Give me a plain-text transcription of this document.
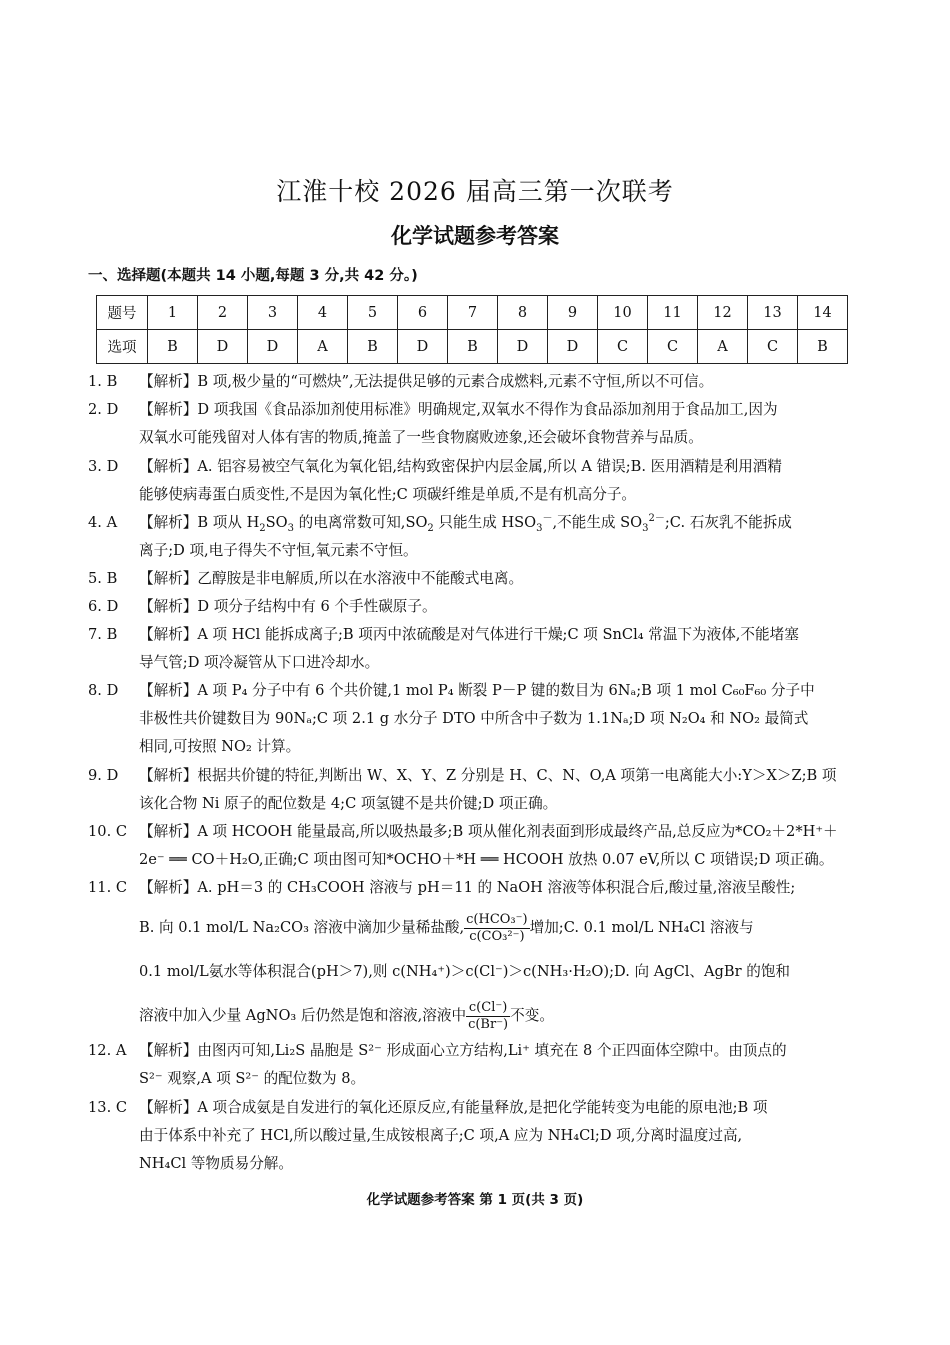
江淮十校 2026 届高三第一次联考
化学试题参考答案
一、选择题(本题共 14 小题,每题 3 分,共 42 分。)
题号	1	2	3	4	5	6	7	8	9	10	11	12	13	14
选项	B	D	D	A	B	D	B	D	D	C	C	A	C	B

1. B 【解析】B 项,极少量的“可燃炔”,无法提供足够的元素合成燃料,元素不守恒,所以不可信。

2. D 【解析】D 项我国《食品添加剂使用标准》明确规定,双氧水不得作为食品添加剂用于食品加工,因为

双氧水可能残留对人体有害的物质,掩盖了一些食物腐败迹象,还会破坏食物营养与品质。

3. D 【解析】A. 铝容易被空气氧化为氧化铝,结构致密保护内层金属,所以 A 错误;B. 医用酒精是利用酒精

能够使病毒蛋白质变性,不是因为氧化性;C 项碳纤维是单质,不是有机高分子。

4. A 【解析】B 项从 $H_2SO_3$ 的电离常数可知$,SO_2$ 只能生成 $HSO_3^-$,不能生成 $SO_3^{2-};C$. 石灰乳不能拆成

离子;D 项,电子得失不守恒,氧元素不守恒。

5. B 【解析】乙醇胺是非电解质,所以在水溶液中不能酸式电离。

6. D 【解析】D 项分子结构中有 6 个手性碳原子。

7. B 【解析】A 项 HCl 能拆成离子;B 项丙中浓硫酸是对气体进行干燥;C 项 SnCl₄ 常温下为液体,不能堵塞

导气管;D 项冷凝管从下口进冷却水。

8. D 【解析】A 项 P₄ 分子中有 6 个共价键,1 mol P₄ 断裂 P－P 键的数目为 6Nₐ;B 项 1 mol C₆₀F₆₀ 分子中

非极性共价键数目为 90Nₐ;C 项 2.1 g 水分子 DTO 中所含中子数为 1.1Nₐ;D 项 N₂O₄ 和 NO₂ 最简式

相同,可按照 NO₂ 计算。

9. D 【解析】根据共价键的特征,判断出 W、X、Y、Z 分别是 H、C、N、O,A 项第一电离能大小:Y＞X＞Z;B 项

该化合物 Ni 原子的配位数是 4;C 项氢键不是共价键;D 项正确。

10. C 【解析】A 项 HCOOH 能量最高,所以吸热最多;B 项从催化剂表面到形成最终产品,总反应为*CO₂＋2*H⁺＋

2e⁻ ══ CO＋H₂O,正确;C 项由图可知*OCHO＋*H ══ HCOOH 放热 0.07 eV,所以 C 项错误;D 项正确。

11. C 【解析】A. pH＝3 的 CH₃COOH 溶液与 pH＝11 的 NaOH 溶液等体积混合后,酸过量,溶液呈酸性;

B. 向 0.1 mol/L Na₂CO₃ 溶液中滴加少量稀盐酸, $\frac{\text{c(HCO₃⁻)}}{\text{c(CO₃²⁻)}}$ 增加;C. 0.1 mol/L NH₄Cl 溶液与

0.1 mol/L氨水等体积混合(pH＞7),则 c(NH₄⁺)＞c(Cl⁻)＞c(NH₃·H₂O);D. 向 AgCl、AgBr 的饱和

溶液中加入少量 AgNO₃ 后仍然是饱和溶液,溶液中 $\frac{c(Cl^-)}{c(Br^-)}$ 不变。

12. A 【解析】由图丙可知,Li₂S 晶胞是 S²⁻ 形成面心立方结构,Li⁺ 填充在 8 个正四面体空隙中。由顶点的

S²⁻ 观察,A 项 S²⁻ 的配位数为 8。

13. C 【解析】A 项合成氨是自发进行的氧化还原反应,有能量释放,是把化学能转变为电能的原电池;B 项

由于体系中补充了 HCl,所以酸过量,生成铵根离子;C 项,A 应为 NH₄Cl;D 项,分离时温度过高,

NH₄Cl 等物质易分解。

化学试题参考答案 第 1 页(共 3 页)
